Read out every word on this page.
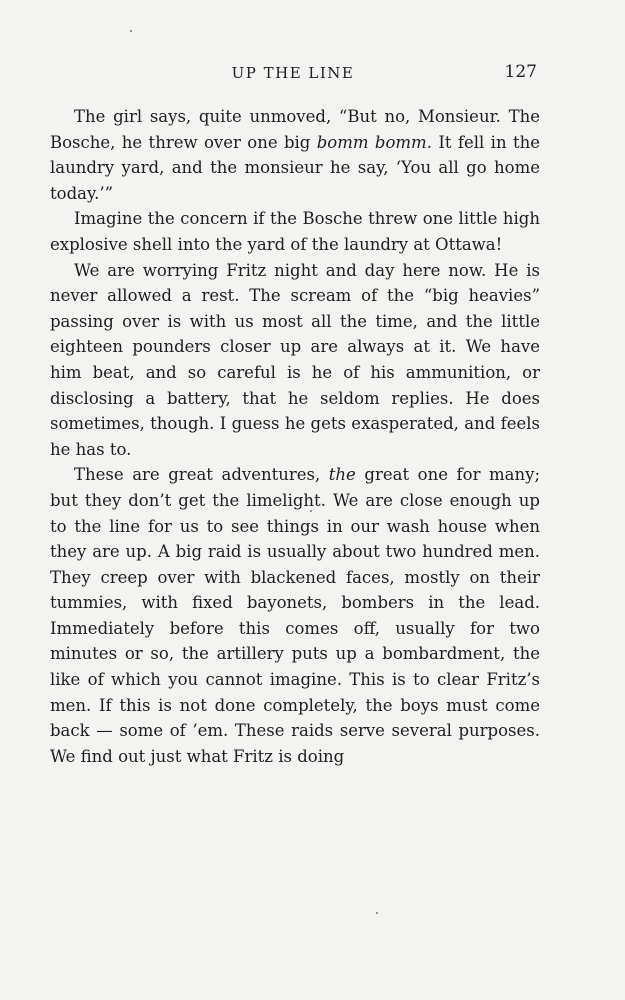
UP THE LINE	127

The girl says, quite unmoved, “But no, Monsieur. The Bosche, he threw over one big bomm bomm. It fell in the laundry yard, and the monsieur he say, ‘You all go home today.’”

Imagine the concern if the Bosche threw one little high explosive shell into the yard of the laundry at Ottawa!

We are worrying Fritz night and day here now. He is never allowed a rest. The scream of the “big heavies” passing over is with us most all the time, and the little eighteen pounders closer up are always at it. We have him beat, and so careful is he of his ammunition, or disclosing a battery, that he seldom replies. He does sometimes, though. I guess he gets exasperated, and feels he has to.

These are great adventures, the great one for many; but they don’t get the limelight. We are close enough up to the line for us to see things in our wash house when they are up. A big raid is usually about two hundred men. They creep over with blackened faces, mostly on their tummies, with fixed bayonets, bombers in the lead. Immediately before this comes off, usually for two minutes or so, the artillery puts up a bombardment, the like of which you cannot imagine. This is to clear Fritz’s men. If this is not done completely, the boys must come back — some of ’em. These raids serve several purposes. We find out just what Fritz is doing
